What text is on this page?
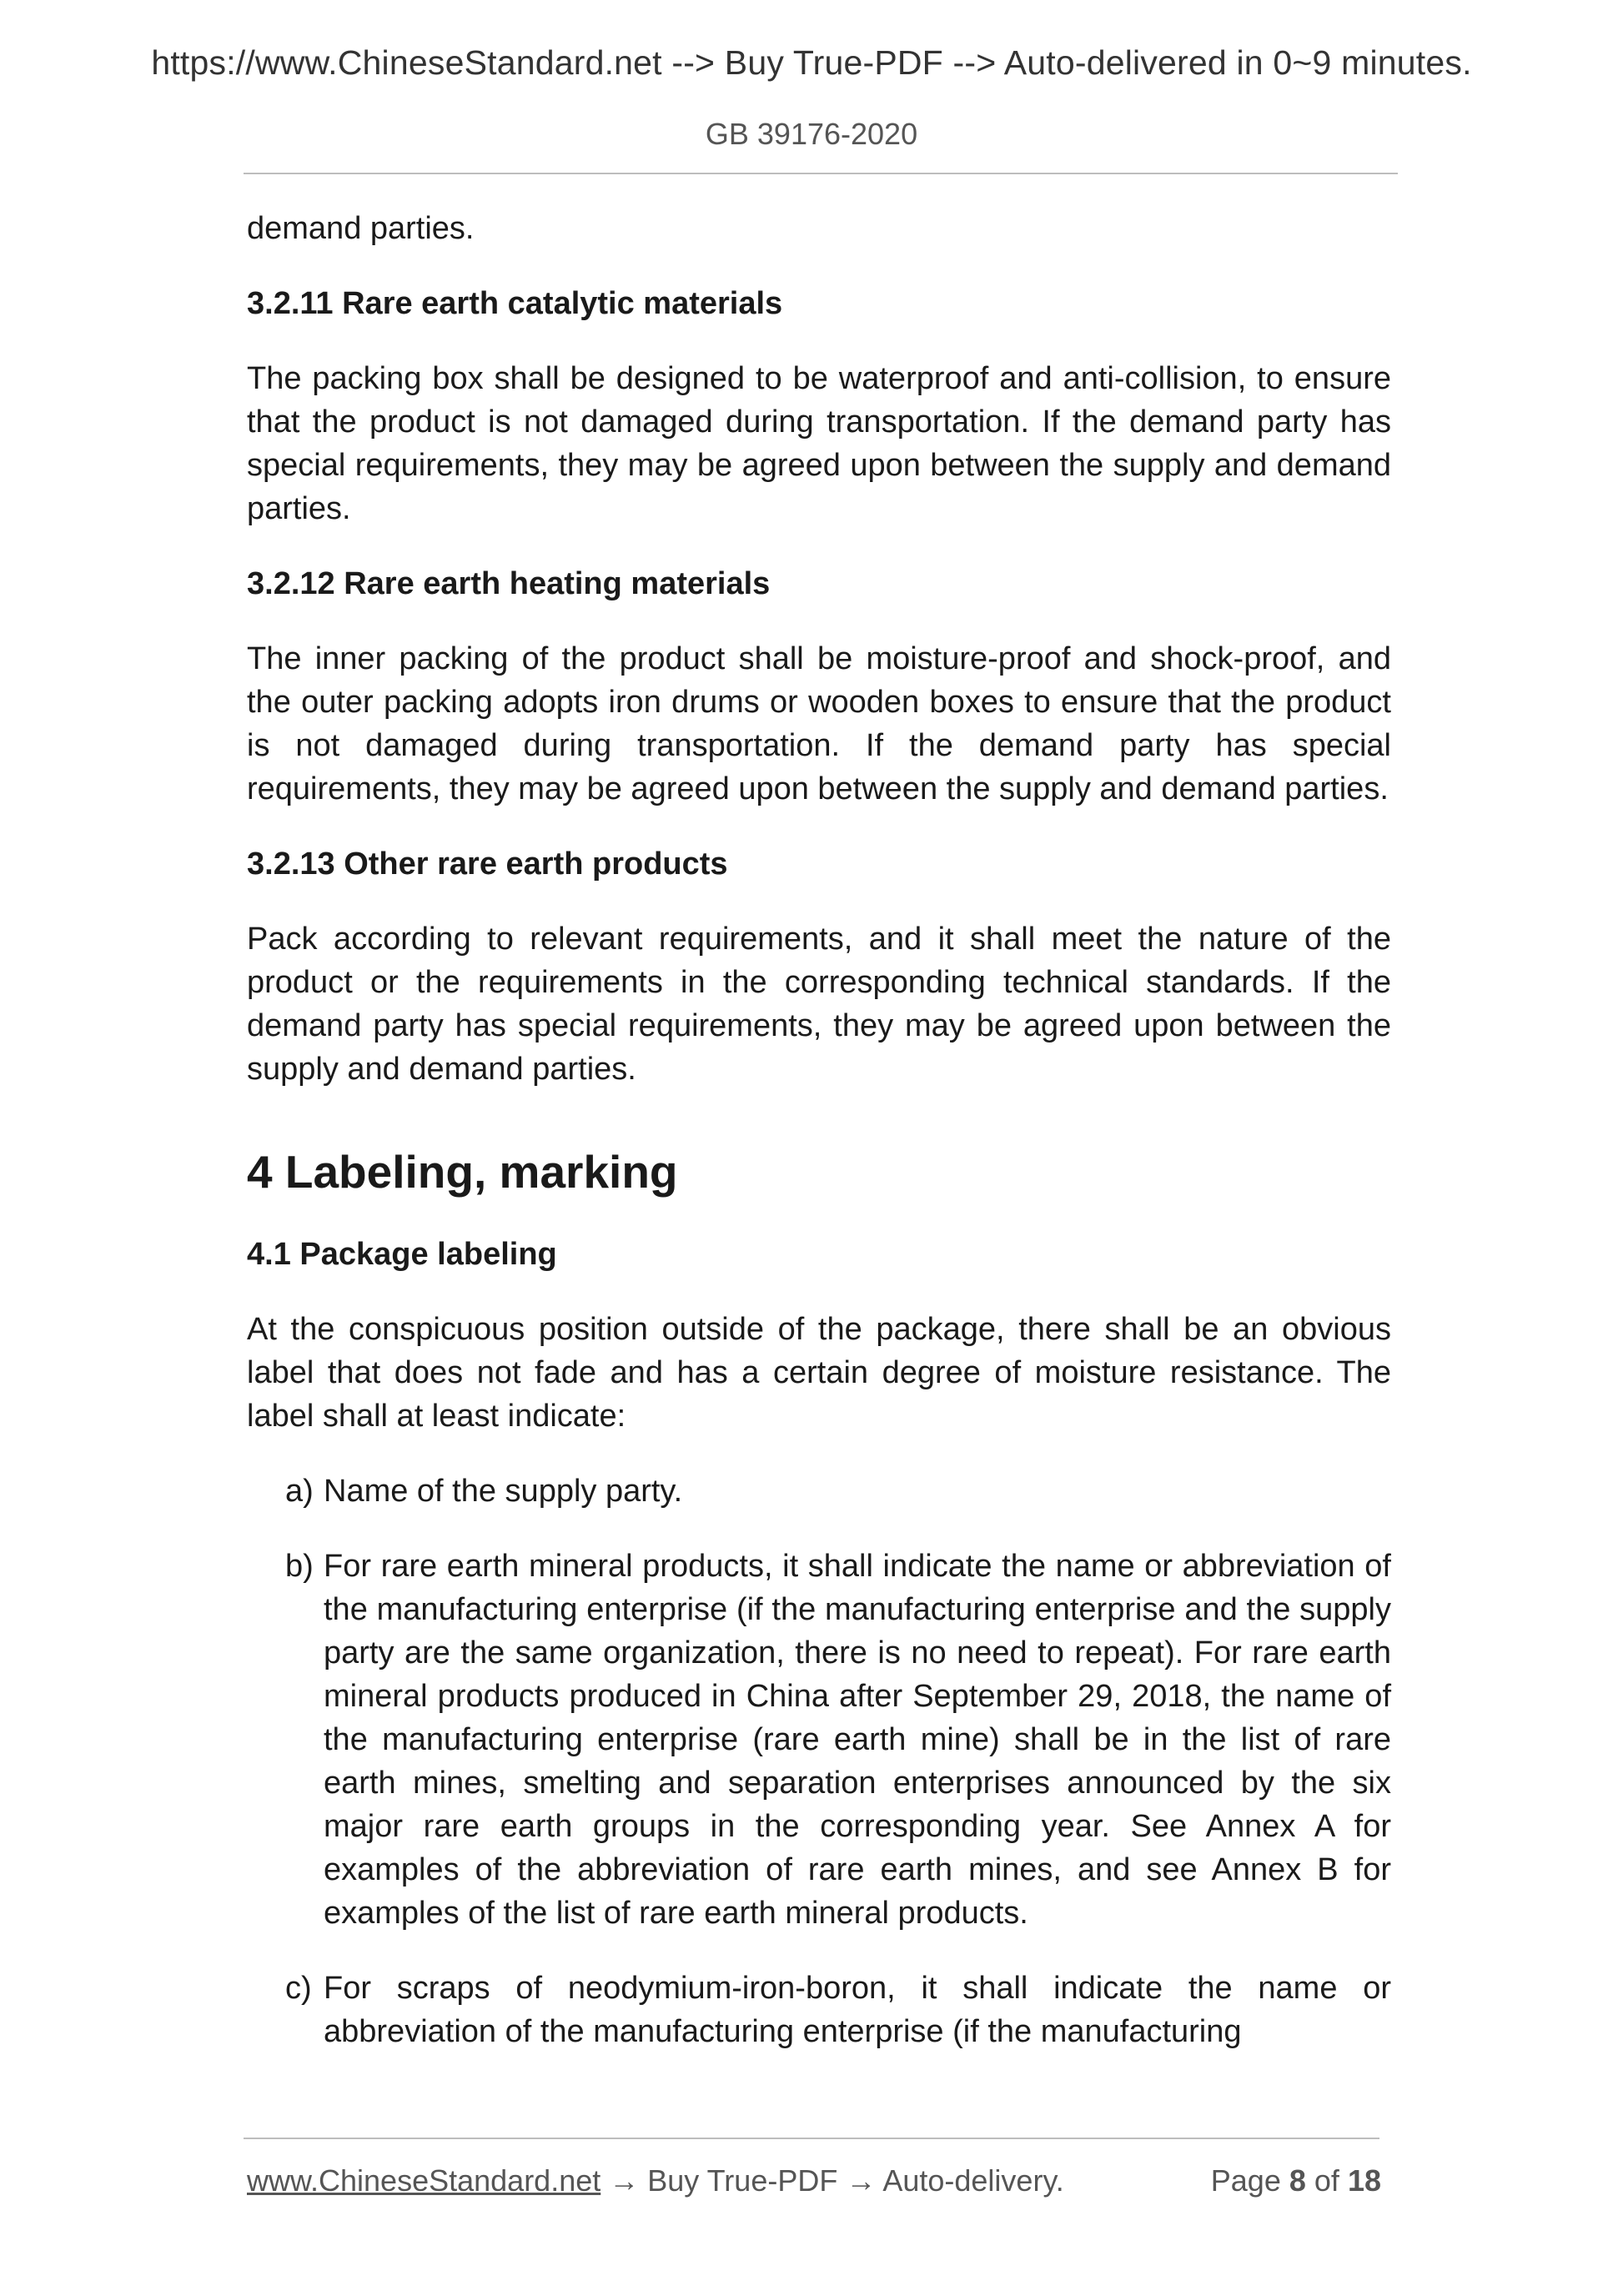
https://www.ChineseStandard.net --> Buy True-PDF --> Auto-delivered in 0~9 minutes.
GB 39176-2020

demand parties.

3.2.11 Rare earth catalytic materials

The packing box shall be designed to be waterproof and anti-collision, to ensure that the product is not damaged during transportation. If the demand party has special requirements, they may be agreed upon between the supply and demand parties.

3.2.12 Rare earth heating materials

The inner packing of the product shall be moisture-proof and shock-proof, and the outer packing adopts iron drums or wooden boxes to ensure that the product is not damaged during transportation. If the demand party has special requirements, they may be agreed upon between the supply and demand parties.

3.2.13 Other rare earth products

Pack according to relevant requirements, and it shall meet the nature of the product or the requirements in the corresponding technical standards. If the demand party has special requirements, they may be agreed upon between the supply and demand parties.

4 Labeling, marking

4.1 Package labeling

At the conspicuous position outside of the package, there shall be an obvious label that does not fade and has a certain degree of moisture resistance. The label shall at least indicate:

a) Name of the supply party.

b) For rare earth mineral products, it shall indicate the name or abbreviation of the manufacturing enterprise (if the manufacturing enterprise and the supply party are the same organization, there is no need to repeat). For rare earth mineral products produced in China after September 29, 2018, the name of the manufacturing enterprise (rare earth mine) shall be in the list of rare earth mines, smelting and separation enterprises announced by the six major rare earth groups in the corresponding year. See Annex A for examples of the abbreviation of rare earth mines, and see Annex B for examples of the list of rare earth mineral products.

c) For scraps of neodymium-iron-boron, it shall indicate the name or abbreviation of the manufacturing enterprise (if the manufacturing

www.ChineseStandard.net → Buy True-PDF → Auto-delivery.	Page 8 of 18
